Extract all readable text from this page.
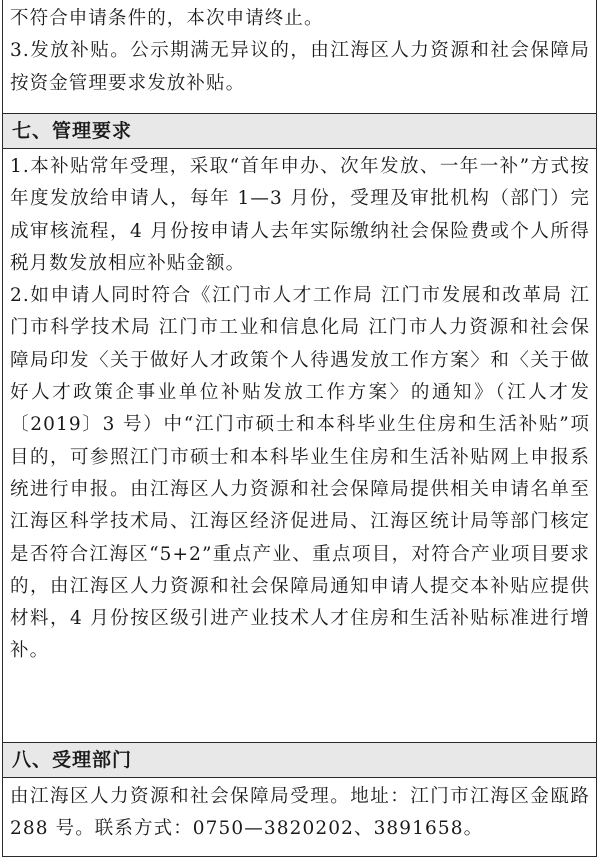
不符合申请条件的，本次申请终止。

3.发放补贴。公示期满无异议的，由江海区人力资源和社会保障局按资金管理要求发放补贴。

七、管理要求

1.本补贴常年受理，采取“首年申办、次年发放、一年一补”方式按年度发放给申请人，每年 1—3 月份，受理及审批机构（部门）完成审核流程，4 月份按申请人去年实际缴纳社会保险费或个人所得税月数发放相应补贴金额。

2.如申请人同时符合《江门市人才工作局 江门市发展和改革局 江门市科学技术局 江门市工业和信息化局 江门市人力资源和社会保障局印发〈关于做好人才政策个人待遇发放工作方案〉和〈关于做好人才政策企事业单位补贴发放工作方案〉的通知》（江人才发〔2019〕3 号）中“江门市硕士和本科毕业生住房和生活补贴”项目的，可参照江门市硕士和本科毕业生住房和生活补贴网上申报系统进行申报。由江海区人力资源和社会保障局提供相关申请名单至江海区科学技术局、江海区经济促进局、江海区统计局等部门核定是否符合江海区“5+2”重点产业、重点项目，对符合产业项目要求的，由江海区人力资源和社会保障局通知申请人提交本补贴应提供材料，4 月份按区级引进产业技术人才住房和生活补贴标准进行增补。

八、受理部门

由江海区人力资源和社会保障局受理。地址：江门市江海区金瓯路 288 号。联系方式：0750—3820202、3891658。
